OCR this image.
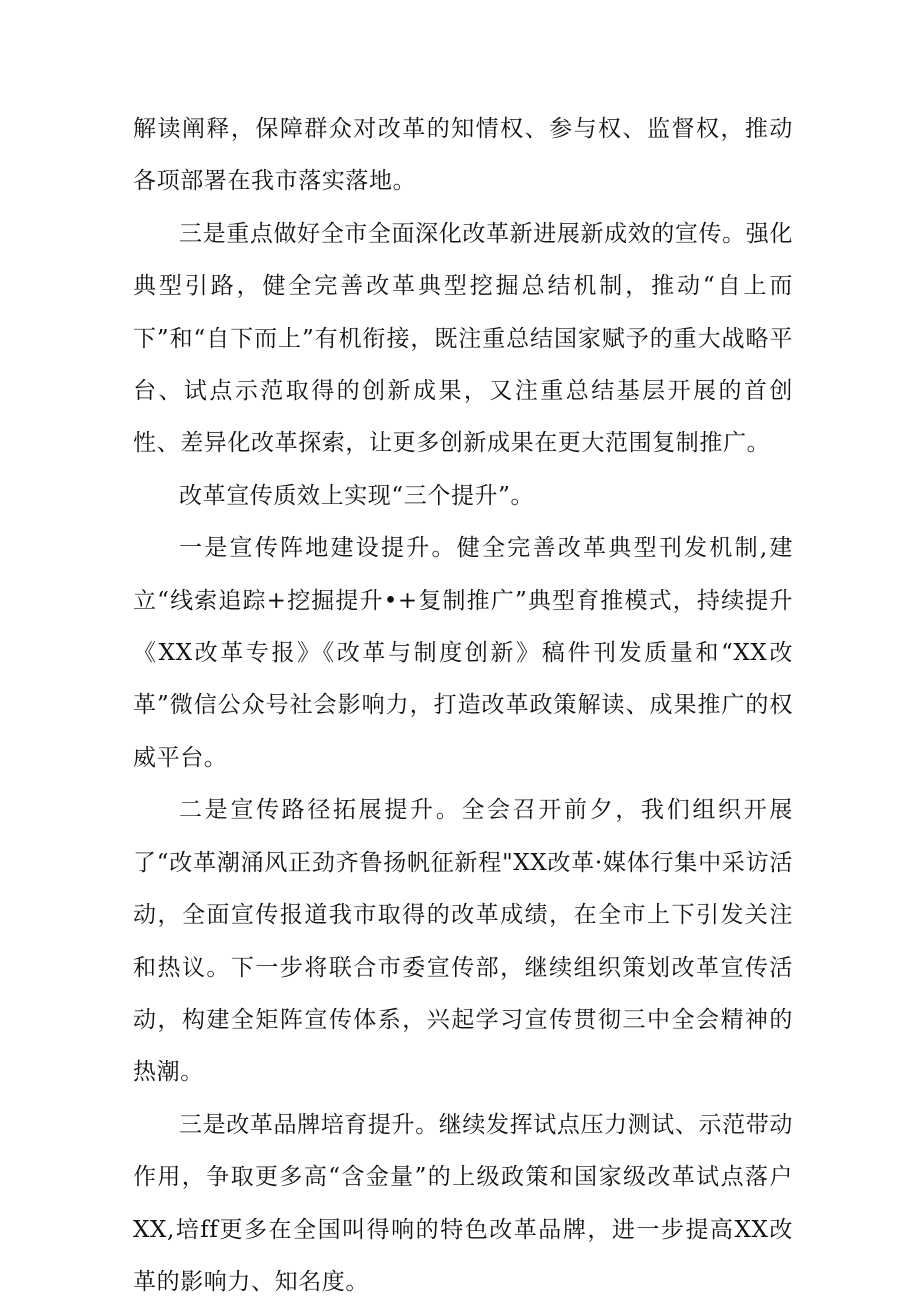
解读阐释，保障群众对改革的知情权、参与权、监督权，推动各项部署在我市落实落地。

三是重点做好全市全面深化改革新进展新成效的宣传。强化典型引路，健全完善改革典型挖掘总结机制，推动“自上而下”和“自下而上”有机衔接，既注重总结国家赋予的重大战略平台、试点示范取得的创新成果，又注重总结基层开展的首创性、差异化改革探索，让更多创新成果在更大范围复制推广。

改革宣传质效上实现“三个提升”。

一是宣传阵地建设提升。健全完善改革典型刊发机制,建立“线索追踪+挖掘提升•+复制推广”典型育推模式，持续提升《XX改革专报》《改革与制度创新》稿件刊发质量和“XX改革”微信公众号社会影响力，打造改革政策解读、成果推广的权威平台。

二是宣传路径拓展提升。全会召开前夕，我们组织开展了“改革潮涌风正劲齐鲁扬帆征新程"XX改革·媒体行集中采访活动，全面宣传报道我市取得的改革成绩，在全市上下引发关注和热议。下一步将联合市委宣传部，继续组织策划改革宣传活动，构建全矩阵宣传体系，兴起学习宣传贯彻三中全会精神的热潮。

三是改革品牌培育提升。继续发挥试点压力测试、示范带动作用，争取更多高“含金量”的上级政策和国家级改革试点落户XX,培ff更多在全国叫得响的特色改革品牌，进一步提高XX改革的影响力、知名度。
